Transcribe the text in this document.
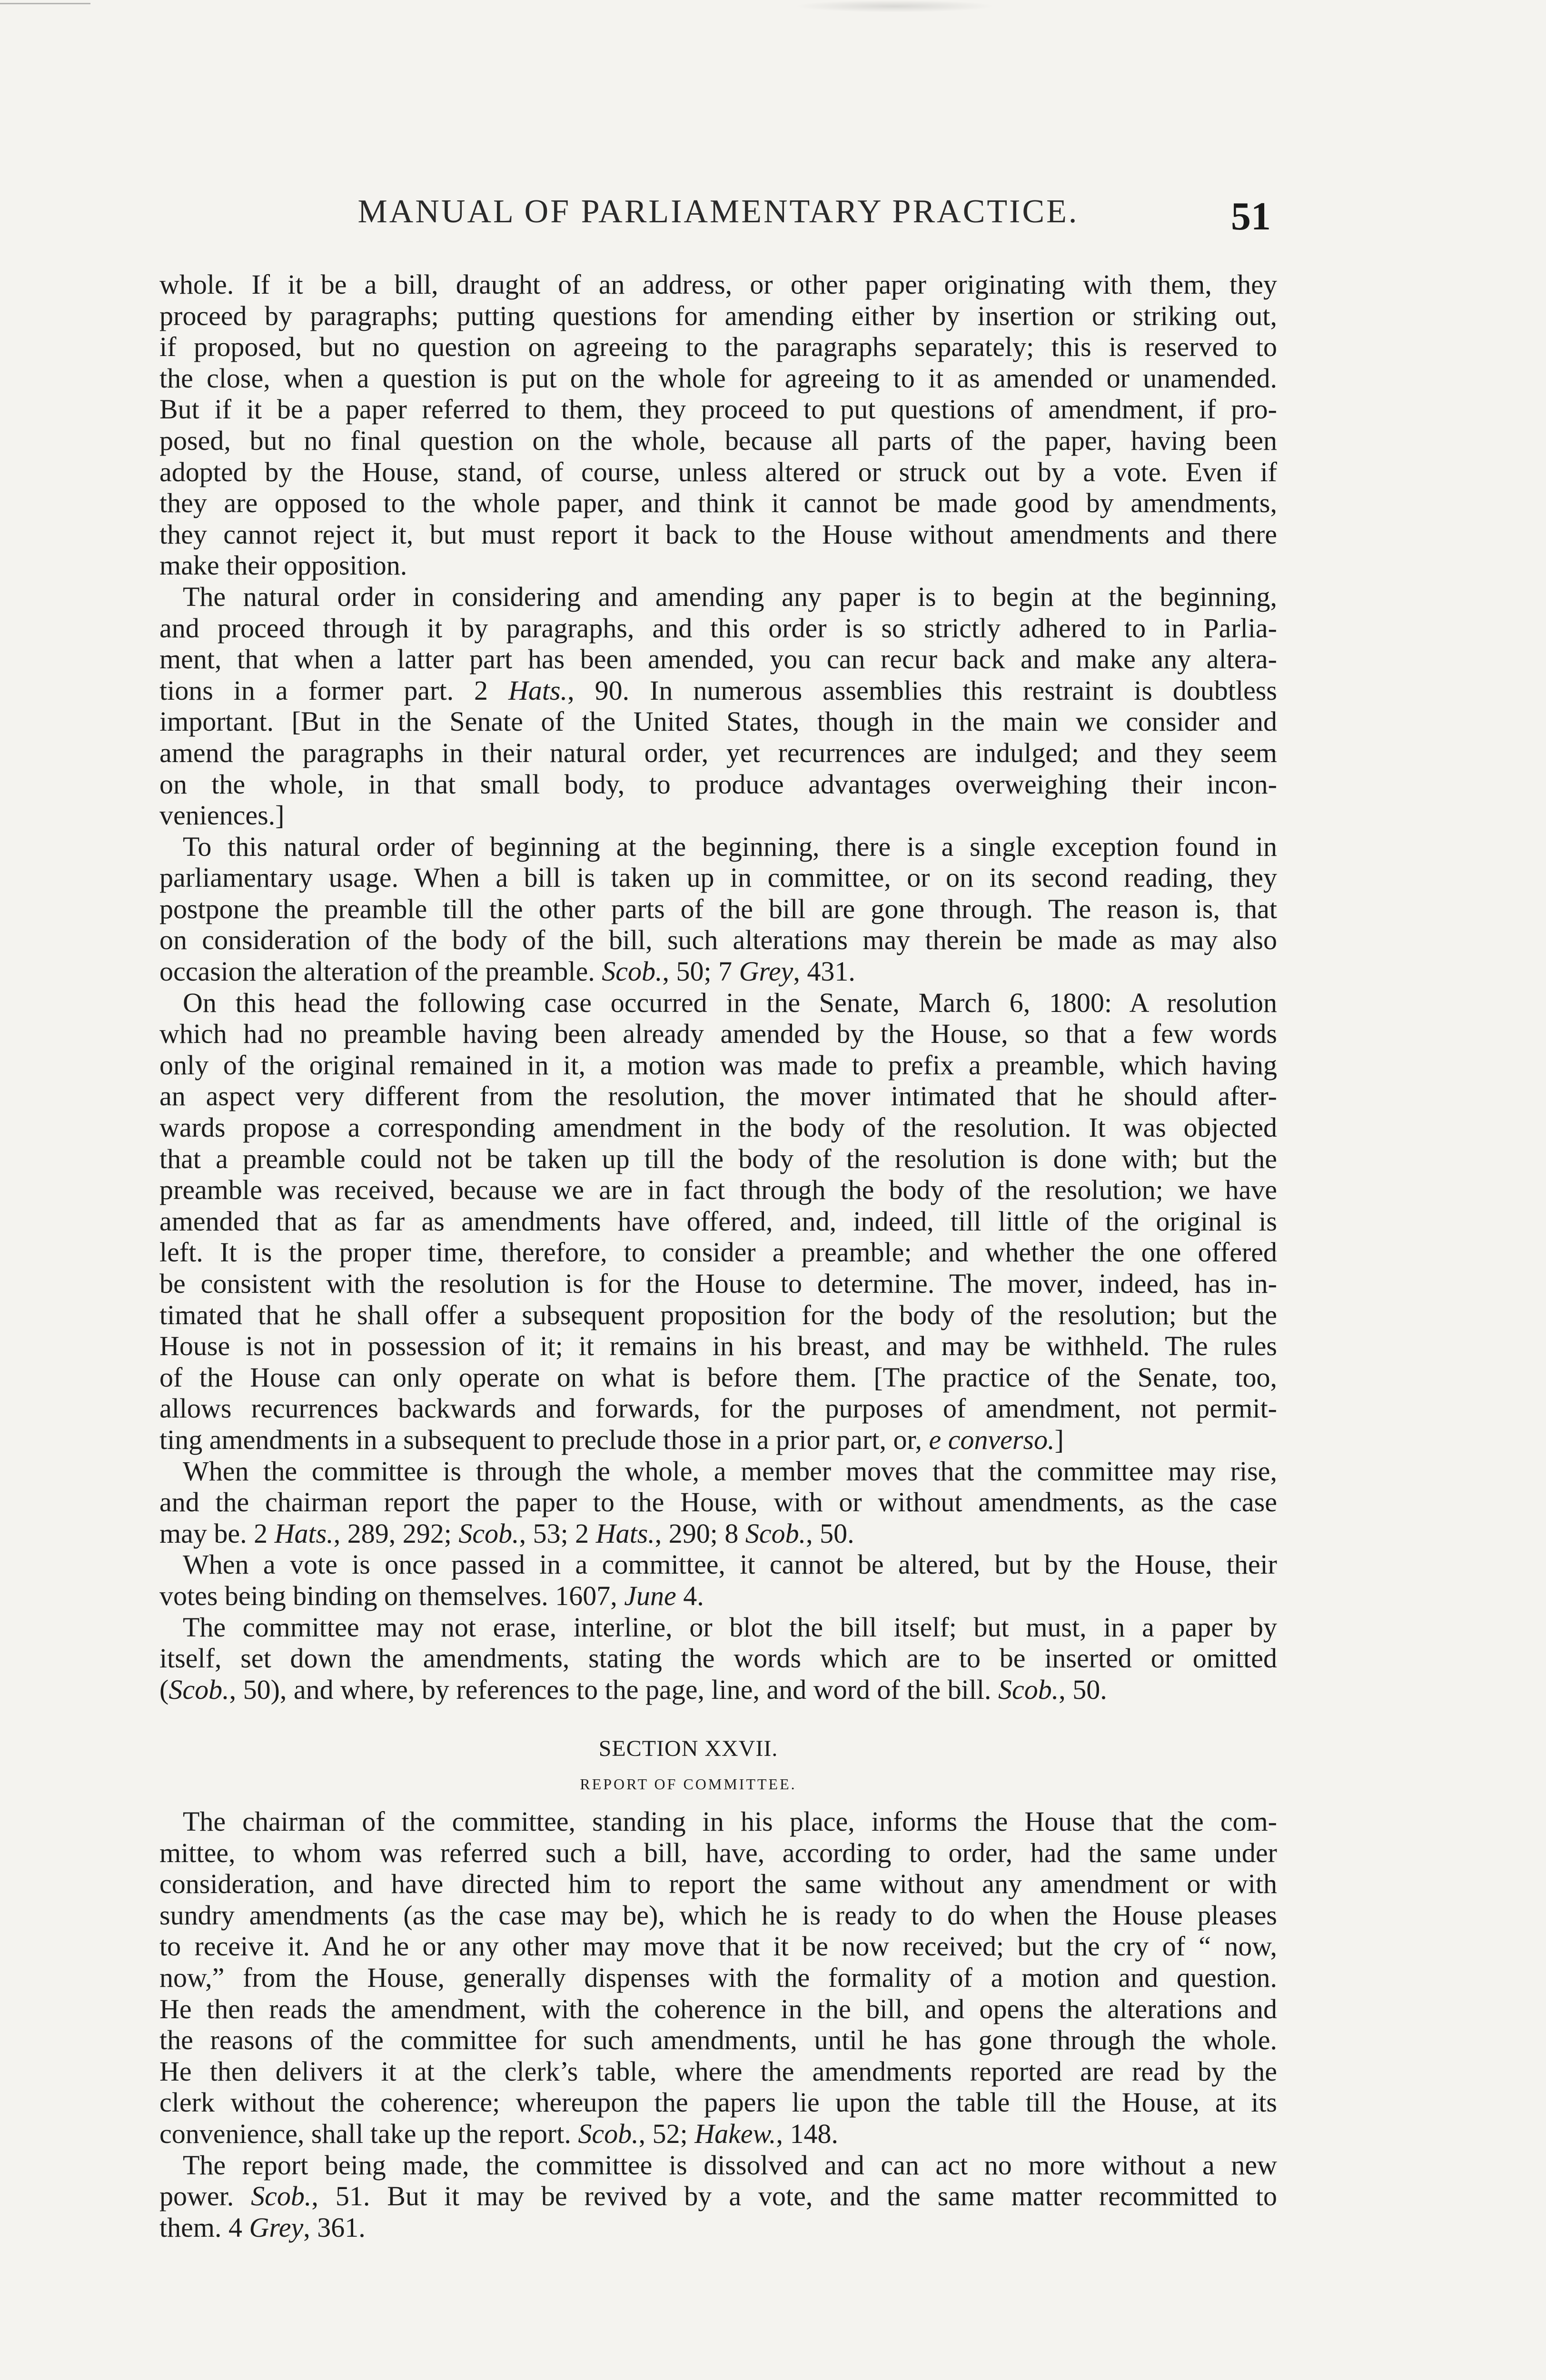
MANUAL OF PARLIAMENTARY PRACTICE.	51
whole. If it be a bill, draught of an address, or other paper originating with them, they
proceed by paragraphs; putting questions for amending either by insertion or striking out,
if proposed, but no question on agreeing to the paragraphs separately; this is reserved to
the close, when a question is put on the whole for agreeing to it as amended or unamended.
But if it be a paper referred to them, they proceed to put questions of amendment, if pro-
posed, but no final question on the whole, because all parts of the paper, having been
adopted by the House, stand, of course, unless altered or struck out by a vote. Even if
they are opposed to the whole paper, and think it cannot be made good by amendments,
they cannot reject it, but must report it back to the House without amendments and there
make their opposition.
The natural order in considering and amending any paper is to begin at the beginning,
and proceed through it by paragraphs, and this order is so strictly adhered to in Parlia-
ment, that when a latter part has been amended, you can recur back and make any altera-
tions in a former part. 2 Hats., 90. In numerous assemblies this restraint is doubtless
important. [But in the Senate of the United States, though in the main we consider and
amend the paragraphs in their natural order, yet recurrences are indulged; and they seem
on the whole, in that small body, to produce advantages overweighing their incon-
veniences.]
To this natural order of beginning at the beginning, there is a single exception found in
parliamentary usage. When a bill is taken up in committee, or on its second reading, they
postpone the preamble till the other parts of the bill are gone through. The reason is, that
on consideration of the body of the bill, such alterations may therein be made as may also
occasion the alteration of the preamble. Scob., 50; 7 Grey, 431.
On this head the following case occurred in the Senate, March 6, 1800: A resolution
which had no preamble having been already amended by the House, so that a few words
only of the original remained in it, a motion was made to prefix a preamble, which having
an aspect very different from the resolution, the mover intimated that he should after-
wards propose a corresponding amendment in the body of the resolution. It was objected
that a preamble could not be taken up till the body of the resolution is done with; but the
preamble was received, because we are in fact through the body of the resolution; we have
amended that as far as amendments have offered, and, indeed, till little of the original is
left. It is the proper time, therefore, to consider a preamble; and whether the one offered
be consistent with the resolution is for the House to determine. The mover, indeed, has in-
timated that he shall offer a subsequent proposition for the body of the resolution; but the
House is not in possession of it; it remains in his breast, and may be withheld. The rules
of the House can only operate on what is before them. [The practice of the Senate, too,
allows recurrences backwards and forwards, for the purposes of amendment, not permit-
ting amendments in a subsequent to preclude those in a prior part, or, e converso.]
When the committee is through the whole, a member moves that the committee may rise,
and the chairman report the paper to the House, with or without amendments, as the case
may be. 2 Hats., 289, 292; Scob., 53; 2 Hats., 290; 8 Scob., 50.
When a vote is once passed in a committee, it cannot be altered, but by the House, their
votes being binding on themselves. 1607, June 4.
The committee may not erase, interline, or blot the bill itself; but must, in a paper by
itself, set down the amendments, stating the words which are to be inserted or omitted
(Scob., 50), and where, by references to the page, line, and word of the bill. Scob., 50.
SECTION XXVII.
REPORT OF COMMITTEE.
The chairman of the committee, standing in his place, informs the House that the com-
mittee, to whom was referred such a bill, have, according to order, had the same under
consideration, and have directed him to report the same without any amendment or with
sundry amendments (as the case may be), which he is ready to do when the House pleases
to receive it. And he or any other may move that it be now received; but the cry of “ now,
now,” from the House, generally dispenses with the formality of a motion and question.
He then reads the amendment, with the coherence in the bill, and opens the alterations and
the reasons of the committee for such amendments, until he has gone through the whole.
He then delivers it at the clerk’s table, where the amendments reported are read by the
clerk without the coherence; whereupon the papers lie upon the table till the House, at its
convenience, shall take up the report. Scob., 52; Hakew., 148.
The report being made, the committee is dissolved and can act no more without a new
power. Scob., 51. But it may be revived by a vote, and the same matter recommitted to
them. 4 Grey, 361.
